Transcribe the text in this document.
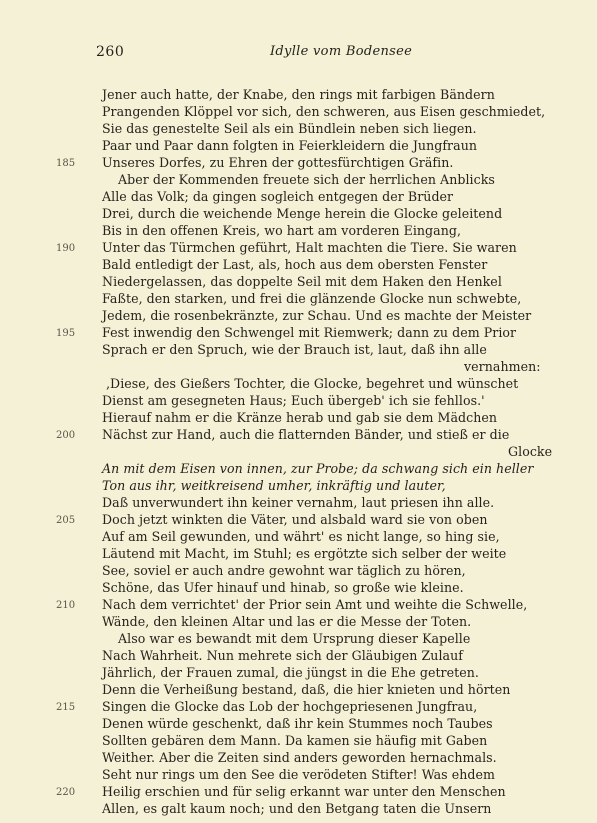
260	Idylle vom Bodensee
Jener auch hatte, der Knabe, den rings mit farbigen Bändern
Prangenden Klöppel vor sich, den schweren, aus Eisen geschmiedet,
Sie das genestelte Seil als ein Bündlein neben sich liegen.
Paar und Paar dann folgten in Feierkleidern die Jungfraun
Unseres Dorfes, zu Ehren der gottesfürchtigen Gräfin.
Aber der Kommenden freuete sich der herrlichen Anblicks
Alle das Volk; da gingen sogleich entgegen der Brüder
Drei, durch die weichende Menge herein die Glocke geleitend
Bis in den offenen Kreis, wo hart am vorderen Eingang,
Unter das Türmchen geführt, Halt machten die Tiere. Sie waren
Bald entledigt der Last, als, hoch aus dem obersten Fenster
Niedergelassen, das doppelte Seil mit dem Haken den Henkel
Faßte, den starken, und frei die glänzende Glocke nun schwebte,
Jedem, die rosenbekränzte, zur Schau. Und es machte der Meister
Fest inwendig den Schwengel mit Riemwerk; dann zu dem Prior
Sprach er den Spruch, wie der Brauch ist, laut, daß ihn alle
vernahmen:
‚Diese, des Gießers Tochter, die Glocke, begehret und wünschet
Dienst am gesegneten Haus; Euch übergeb' ich sie fehllos.'
Hierauf nahm er die Kränze herab und gab sie dem Mädchen
Nächst zur Hand, auch die flatternden Bänder, und stieß er die
Glocke
An mit dem Eisen von innen, zur Probe; da schwang sich ein heller
Ton aus ihr, weitkreisend umher, inkräftig und lauter,
Daß unverwundert ihn keiner vernahm, laut priesen ihn alle.
Doch jetzt winkten die Väter, und alsbald ward sie von oben
Auf am Seil gewunden, und währt' es nicht lange, so hing sie,
Läutend mit Macht, im Stuhl; es ergötzte sich selber der weite
See, soviel er auch andre gewohnt war täglich zu hören,
Schöne, das Ufer hinauf und hinab, so große wie kleine.
Nach dem verrichtet' der Prior sein Amt und weihte die Schwelle,
Wände, den kleinen Altar und las er die Messe der Toten.
Also war es bewandt mit dem Ursprung dieser Kapelle
Nach Wahrheit. Nun mehrete sich der Gläubigen Zulauf
Jährlich, der Frauen zumal, die jüngst in die Ehe getreten.
Denn die Verheißung bestand, daß, die hier knieten und hörten
Singen die Glocke das Lob der hochgepriesenen Jungfrau,
Denen würde geschenkt, daß ihr kein Stummes noch Taubes
Sollten gebären dem Mann. Da kamen sie häufig mit Gaben
Weither. Aber die Zeiten sind anders geworden hernachmals.
Seht nur rings um den See die verödeten Stifter! Was ehdem
Heilig erschien und für selig erkannt war unter den Menschen
Allen, es galt kaum noch; und den Betgang taten die Unsern
185
190
195
200
205
210
215
220
